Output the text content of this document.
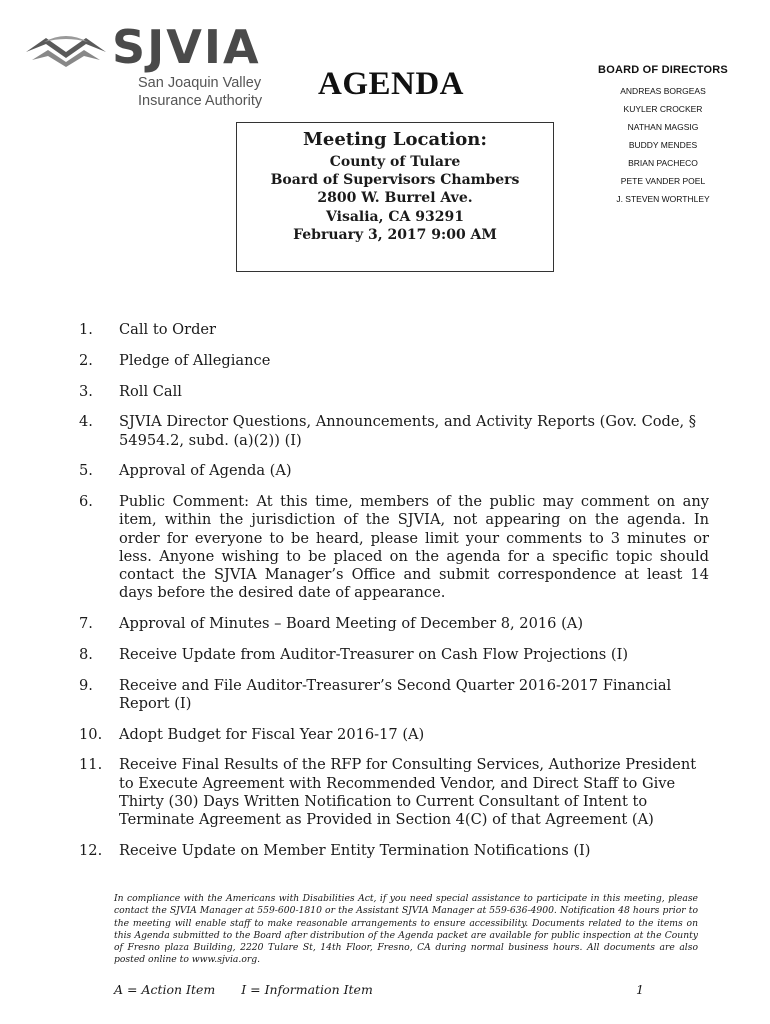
SJVIA
San Joaquin Valley
Insurance Authority AGENDA	BOARD OF DIRECTORS
ANDREAS BORGEAS
KUYLER CROCKER
NATHAN MAGSIG
BUDDY MENDES
BRIAN PACHECO
PETE VANDER POEL
J. STEVEN WORTHLEY
Meeting Location:
County of Tulare
Board of Supervisors Chambers
2800 W. Burrel Ave.
Visalia, CA 93291
February 3, 2017 9:00 AM
1. Call to Order
2. Pledge of Allegiance
3. Roll Call
4. SJVIA Director Questions, Announcements, and Activity Reports (Gov. Code, § 54954.2, subd. (a)(2)) (I)
5. Approval of Agenda (A)
6. Public Comment: At this time, members of the public may comment on any item, within the jurisdiction of the SJVIA, not appearing on the agenda. In order for everyone to be heard, please limit your comments to 3 minutes or less. Anyone wishing to be placed on the agenda for a specific topic should contact the SJVIA Manager’s Office and submit correspondence at least 14 days before the desired date of appearance.
7. Approval of Minutes – Board Meeting of December 8, 2016 (A)
8. Receive Update from Auditor-Treasurer on Cash Flow Projections (I)
9. Receive and File Auditor-Treasurer’s Second Quarter 2016-2017 Financial Report (I)
10. Adopt Budget for Fiscal Year 2016-17 (A)
11. Receive Final Results of the RFP for Consulting Services, Authorize President to Execute Agreement with Recommended Vendor, and Direct Staff to Give Thirty (30) Days Written Notification to Current Consultant of Intent to Terminate Agreement as Provided in Section 4(C) of that Agreement (A)
12. Receive Update on Member Entity Termination Notifications (I)
In compliance with the Americans with Disabilities Act, if you need special assistance to participate in this meeting, please contact the SJVIA Manager at 559-600-1810 or the Assistant SJVIA Manager at 559-636-4900. Notification 48 hours prior to the meeting will enable staff to make reasonable arrangements to ensure accessibility. Documents related to the items on this Agenda submitted to the Board after distribution of the Agenda packet are available for public inspection at the County of Fresno plaza Building, 2220 Tulare St, 14th Floor, Fresno, CA during normal business hours. All documents are also posted online to www.sjvia.org.
A = Action Item I = Information Item	1
